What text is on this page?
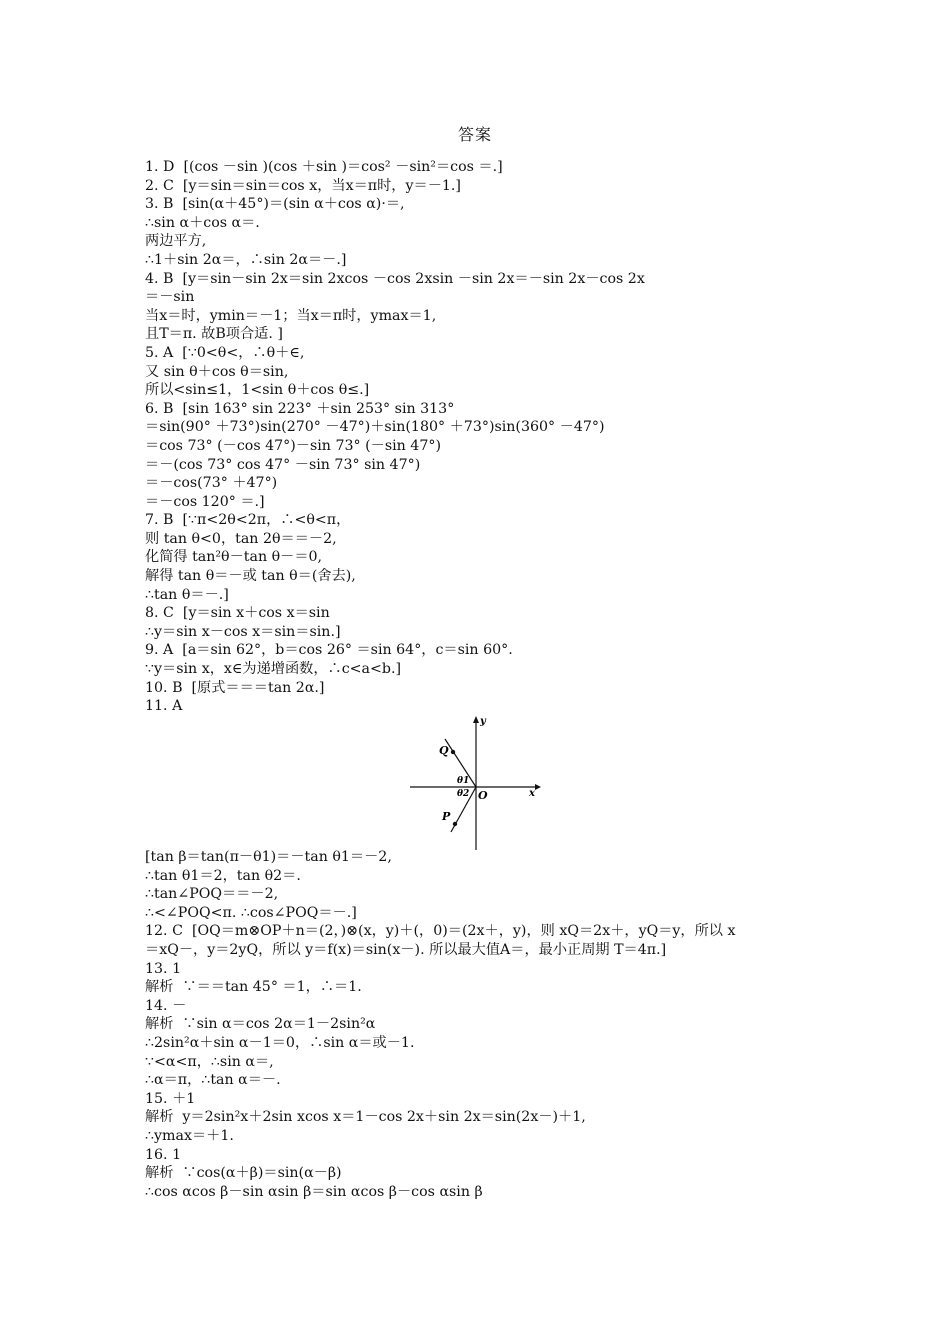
答案
1. D  [(cos －sin )(cos ＋sin )＝cos² －sin²＝cos ＝.]
2. C  [y＝sin＝sin＝cos x，当x＝π时，y＝－1.]
3. B  [sin(α＋45°)＝(sin α＋cos α)·＝,
∴sin α＋cos α＝.
两边平方,
∴1＋sin 2α＝，∴sin 2α＝－.]
4. B  [y＝sin－sin 2x＝sin 2xcos －cos 2xsin －sin 2x＝－sin 2x－cos 2x
＝－sin
当x＝时，ymin＝－1；当x＝π时，ymax＝1,
且T＝π. 故B项合适. ]
5. A  [∵0<θ<，∴θ＋∈,
又 sin θ＋cos θ＝sin,
所以<sin≤1，1<sin θ＋cos θ≤.]
6. B  [sin 163° sin 223° ＋sin 253° sin 313°
＝sin(90° ＋73°)sin(270° －47°)＋sin(180° ＋73°)sin(360° －47°)
＝cos 73° (－cos 47°)－sin 73° (－sin 47°)
＝－(cos 73° cos 47° －sin 73° sin 47°)
＝－cos(73° ＋47°)
＝－cos 120° ＝.]
7. B  [∵π<2θ<2π，∴<θ<π，
则 tan θ<0，tan 2θ＝＝－2,
化简得 tan²θ－tan θ－＝0,
解得 tan θ＝－或 tan θ＝(舍去),
∴tan θ＝－.]
8. C  [y＝sin x＋cos x＝sin
∴y＝sin x－cos x＝sin＝sin.]
9. A  [a＝sin 62°，b＝cos 26° ＝sin 64°，c＝sin 60°.
∵y＝sin x，x∈为递增函数，∴c<a<b.]
10. B  [原式＝＝＝tan 2α.]
11. A
y
x
O
Q
P
θ1
θ2
[tan β＝tan(π－θ1)＝－tan θ1＝－2,
∴tan θ1＝2，tan θ2＝.
∴tan∠POQ＝＝－2,
∴<∠POQ<π. ∴cos∠POQ＝－.]
12. C  [OQ＝m⊗OP＋n＝(2，)⊗(x，y)＋(，0)＝(2x＋，y)，则 xQ＝2x＋，yQ＝y，所以 x
＝xQ－，y＝2yQ，所以 y＝f(x)＝sin(x－). 所以最大值A＝，最小正周期 T＝4π.]
13. 1
解析  ∵＝＝tan 45° ＝1，∴＝1.
14. －
解析  ∵sin α＝cos 2α＝1－2sin²α
∴2sin²α＋sin α－1＝0，∴sin α＝或－1.
∵<α<π，∴sin α＝,
∴α＝π，∴tan α＝－.
15. ＋1
解析  y＝2sin²x＋2sin xcos x＝1－cos 2x＋sin 2x＝sin(2x－)＋1,
∴ymax＝＋1.
16. 1
解析  ∵cos(α＋β)＝sin(α－β)
∴cos αcos β－sin αsin β＝sin αcos β－cos αsin β
